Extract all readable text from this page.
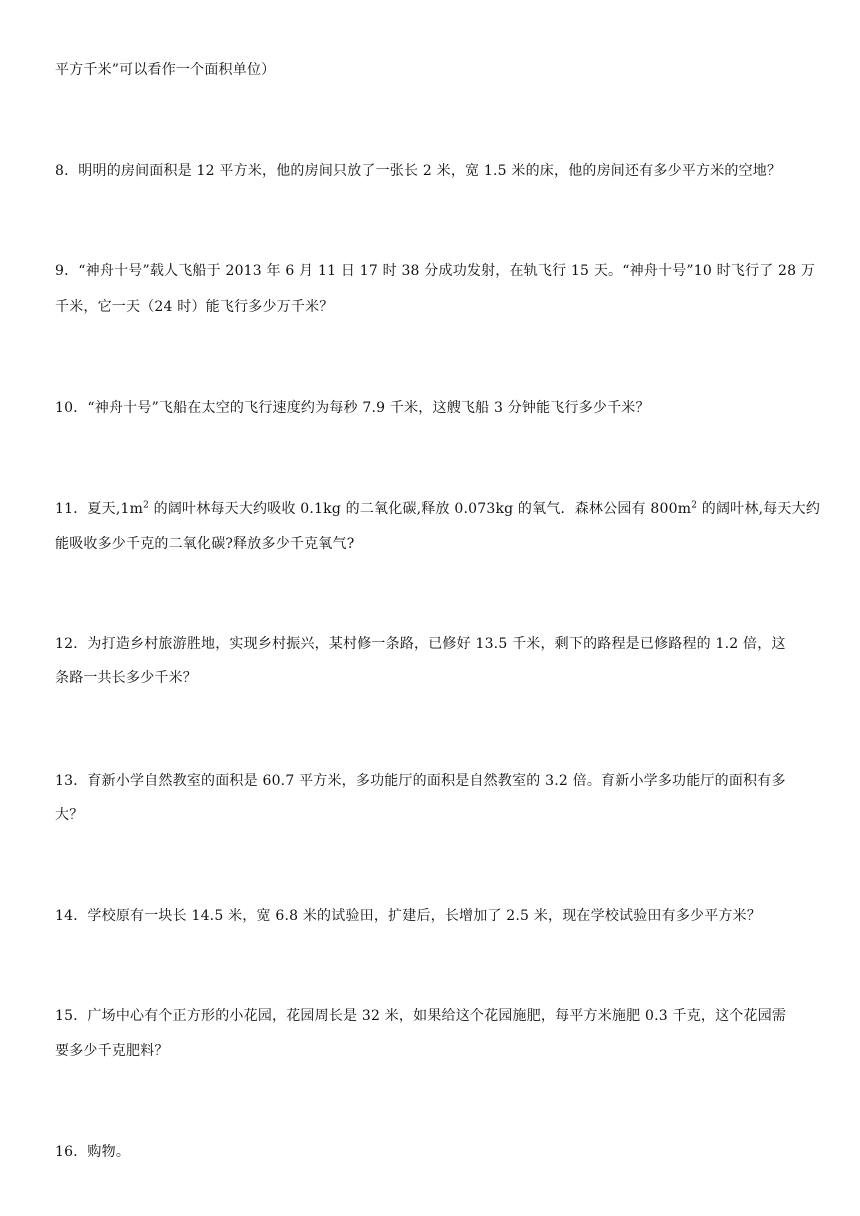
平方千米”可以看作一个面积单位）
8．明明的房间面积是 12 平方米，他的房间只放了一张长 2 米，宽 1.5 米的床，他的房间还有多少平方米的空地？
9．“神舟十号”载人飞船于 2013 年 6 月 11 日 17 时 38 分成功发射，在轨飞行 15 天。“神舟十号”10 时飞行了 28 万
千米，它一天（24 时）能飞行多少万千米？
10．“神舟十号”飞船在太空的飞行速度约为每秒 7.9 千米，这艘飞船 3 分钟能飞行多少千米？
11．夏天$,1m^2$ 的阔叶林每天大约吸收 0.1kg 的二氧化碳,释放 0.073kg 的氧气．森林公园有 $800m^2$ 的阔叶林,每天大约
能吸收多少千克的二氧化碳?释放多少千克氧气?
12．为打造乡村旅游胜地，实现乡村振兴，某村修一条路，已修好 13.5 千米，剩下的路程是已修路程的 1.2 倍，这
条路一共长多少千米？
13．育新小学自然教室的面积是 60.7 平方米，多功能厅的面积是自然教室的 3.2 倍。育新小学多功能厅的面积有多
大？
14．学校原有一块长 14.5 米，宽 6.8 米的试验田，扩建后，长增加了 2.5 米，现在学校试验田有多少平方米？
15．广场中心有个正方形的小花园，花园周长是 32 米，如果给这个花园施肥，每平方米施肥 0.3 千克，这个花园需
要多少千克肥料？
16．购物。
